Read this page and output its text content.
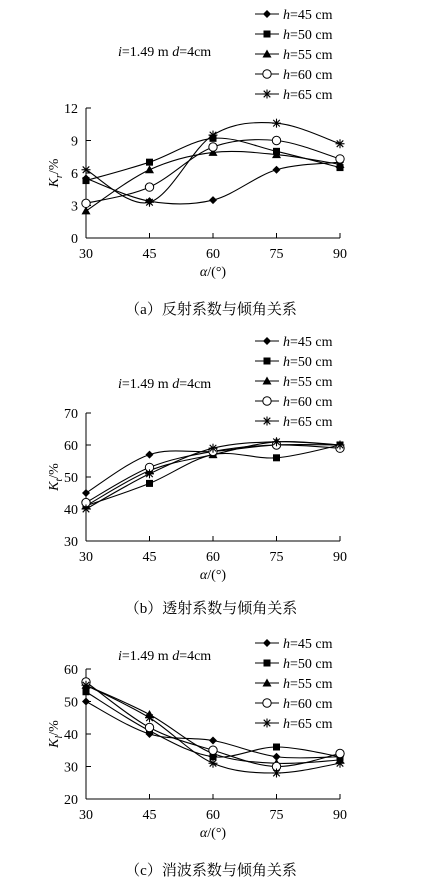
0
3
6
9
12
30	45	60	75	90
$K_r/\%$
α/(°)
i=1.49 m d=4cm
h=45 cm
h=50 cm
h=55 cm
h=60 cm
h=65 cm
（a）反射系数与倾角关系
30
40
50
60
70
30	45	60	75	90
$K_t/\%$
α/(°)
i=1.49 m d=4cm
h=45 cm
h=50 cm
h=55 cm
h=60 cm
h=65 cm
（b）透射系数与倾角关系
20
30
40
50
60
30	45	60	75	90
$K_l/\%$
α/(°)
i=1.49 m d=4cm
h=45 cm
h=50 cm
h=55 cm
h=60 cm
h=65 cm
（c）消波系数与倾角关系
